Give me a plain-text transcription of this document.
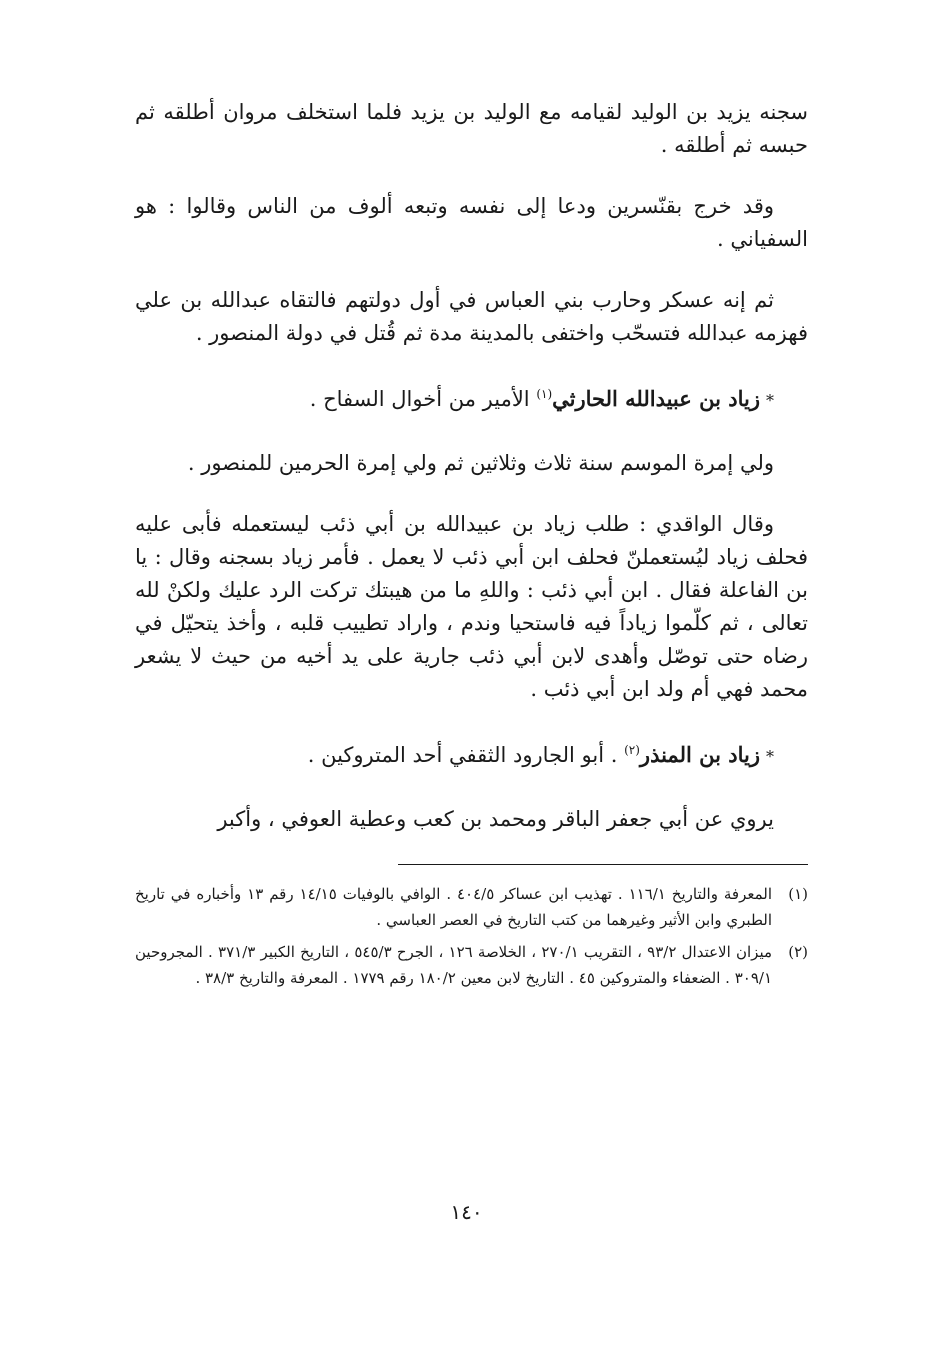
سجنه يزيد بن الوليد لقيامه مع الوليد بن يزيد فلما استخلف مروان أطلقه ثم حبسه ثم أطلقه .

وقد خرج بقنّسرين ودعا إلى نفسه وتبعه ألوف من الناس وقالوا : هو السفياني .

ثم إنه عسكر وحارب بني العباس في أول دولتهم فالتقاه عبدالله بن علي فهزمه عبدالله فتسحّب واختفى بالمدينة مدة ثم قُتل في دولة المنصور .

*زياد بن عبيدالله الحارثي$^{(١)}$ الأمير من أخوال السفاح .

ولي إمرة الموسم سنة ثلاث وثلاثين ثم ولي إمرة الحرمين للمنصور .

وقال الواقدي : طلب زياد بن عبيدالله بن أبي ذئب ليستعمله فأبى عليه فحلف زياد ليُستعملنّ فحلف ابن أبي ذئب لا يعمل . فأمر زياد بسجنه وقال : يا بن الفاعلة فقال . ابن أبي ذئب : واللهِ ما من هيبتك تركت الرد عليك ولكنْ لله تعالى ، ثم كلّموا زياداً فيه فاستحيا وندم ، واراد تطييب قلبه ، وأخذ يتحيّل في رضاه حتى توصّل وأهدى لابن أبي ذئب جارية على يد أخيه من حيث لا يشعر محمد فهي أم ولد ابن أبي ذئب .

*زياد بن المنذر$^{(٢)}$ . أبو الجارود الثقفي أحد المتروكين .

يروي عن أبي جعفر الباقر ومحمد بن كعب وعطية العوفي ، وأكبر

(١)
المعرفة والتاريخ ١١٦/١ . تهذيب ابن عساكر ٤٠٤/٥ . الوافي بالوفيات ١٤/١٥ رقم ١٣ وأخباره في تاريخ الطبري وابن الأثير وغيرهما من كتب التاريخ في العصر العباسي .
(٢)
ميزان الاعتدال ٩٣/٢ ، التقريب ٢٧٠/١ ، الخلاصة ١٢٦ ، الجرح ٥٤٥/٣ ، التاريخ الكبير ٣٧١/٣ . المجروحين ٣٠٩/١ . الضعفاء والمتروكين ٤٥ . التاريخ لابن معين ١٨٠/٢ رقم ١٧٧٩ . المعرفة والتاريخ ٣٨/٣ .
١٤٠
